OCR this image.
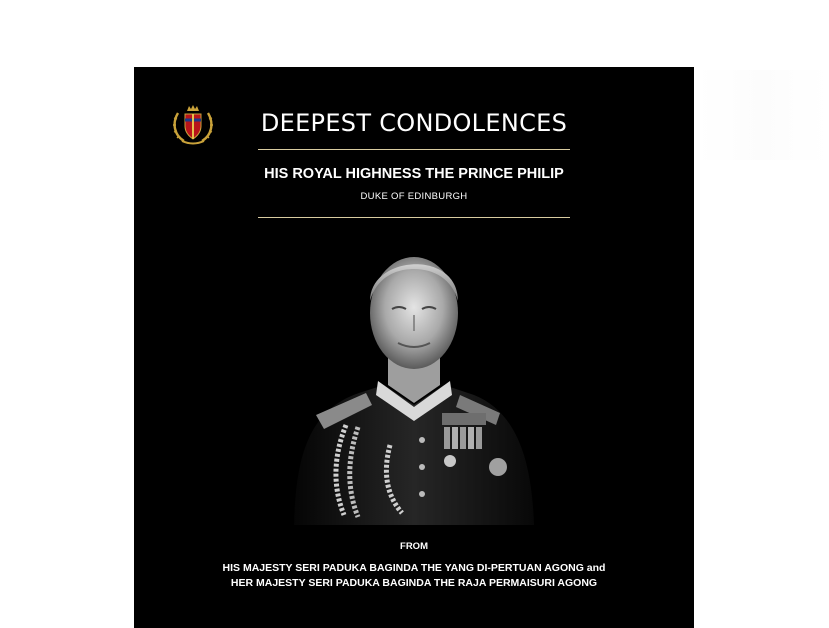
DEEPEST CONDOLENCES
HIS ROYAL HIGHNESS THE PRINCE PHILIP
DUKE OF EDINBURGH
FROM
HIS MAJESTY SERI PADUKA BAGINDA THE YANG DI-PERTUAN AGONG and
HER MAJESTY SERI PADUKA BAGINDA THE RAJA PERMAISURI AGONG
